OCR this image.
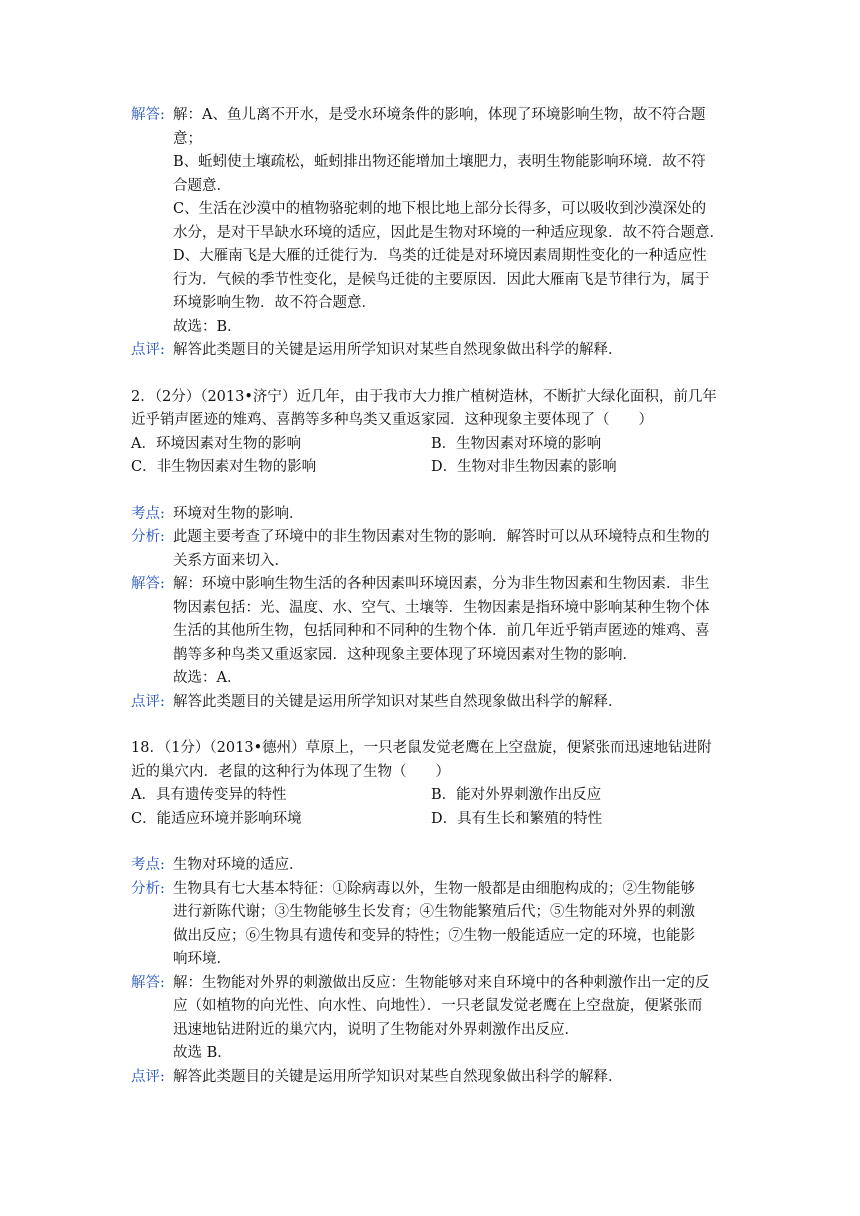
解答: 解：A、鱼儿离不开水，是受水环境条件的影响，体现了环境影响生物，故不符合题
意；
B、蚯蚓使土壤疏松，蚯蚓排出物还能增加土壤肥力，表明生物能影响环境．故不符
合题意．
C、生活在沙漠中的植物骆驼刺的地下根比地上部分长得多，可以吸收到沙漠深处的
水分，是对干旱缺水环境的适应，因此是生物对环境的一种适应现象．故不符合题意．
D、大雁南飞是大雁的迁徙行为．鸟类的迁徙是对环境因素周期性变化的一种适应性
行为．气候的季节性变化，是候鸟迁徙的主要原因．因此大雁南飞是节律行为，属于
环境影响生物．故不符合题意．
故选：B．
点评: 解答此类题目的关键是运用所学知识对某些自然现象做出科学的解释．
2．（2分）（2013•济宁）近几年，由于我市大力推广植树造林，不断扩大绿化面积，前几年
近乎销声匿迹的雉鸡、喜鹊等多种鸟类又重返家园．这种现象主要体现了（　　）
A．环境因素对生物的影响	B．生物因素对环境的影响
C．非生物因素对生物的影响	D．生物对非生物因素的影响
考点: 环境对生物的影响．
分析: 此题主要考查了环境中的非生物因素对生物的影响．解答时可以从环境特点和生物的
关系方面来切入．
解答: 解：环境中影响生物生活的各种因素叫环境因素，分为非生物因素和生物因素．非生
物因素包括：光、温度、水、空气、土壤等．生物因素是指环境中影响某种生物个体
生活的其他所生物，包括同种和不同种的生物个体．前几年近乎销声匿迹的雉鸡、喜
鹊等多种鸟类又重返家园．这种现象主要体现了环境因素对生物的影响．
故选：A．
点评: 解答此类题目的关键是运用所学知识对某些自然现象做出科学的解释．
18．（1分）（2013•德州）草原上，一只老鼠发觉老鹰在上空盘旋，便紧张而迅速地钻进附
近的巢穴内．老鼠的这种行为体现了生物（　　）
A．具有遗传变异的特性	B．能对外界刺激作出反应
C．能适应环境并影响环境	D．具有生长和繁殖的特性
考点: 生物对环境的适应．
分析: 生物具有七大基本特征：①除病毒以外，生物一般都是由细胞构成的；②生物能够
进行新陈代谢；③生物能够生长发育；④生物能繁殖后代；⑤生物能对外界的刺激
做出反应；⑥生物具有遗传和变异的特性；⑦生物一般能适应一定的环境，也能影
响环境．
解答: 解：生物能对外界的刺激做出反应：生物能够对来自环境中的各种刺激作出一定的反
应（如植物的向光性、向水性、向地性）．一只老鼠发觉老鹰在上空盘旋，便紧张而
迅速地钻进附近的巢穴内，说明了生物能对外界刺激作出反应．
故选 B．
点评: 解答此类题目的关键是运用所学知识对某些自然现象做出科学的解释．
